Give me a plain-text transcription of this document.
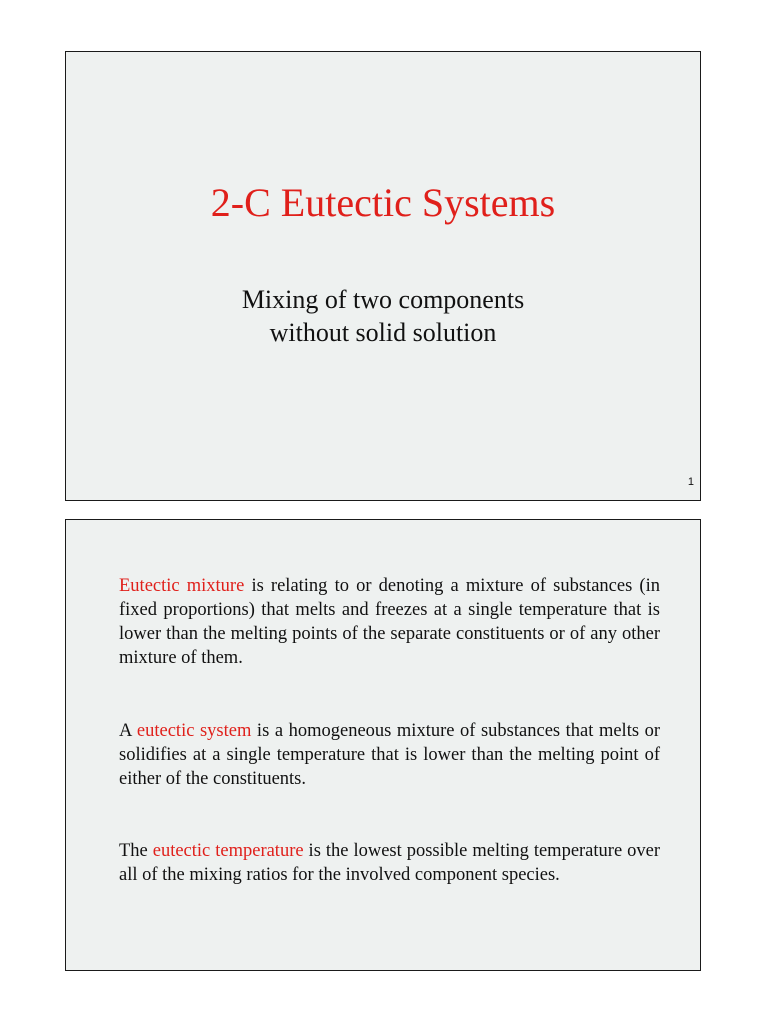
2-C Eutectic Systems
Mixing of two components
without solid solution
1
Eutectic mixture is relating to or denoting a mixture of substances (in fixed proportions) that melts and freezes at a single temperature that is lower than the melting points of the separate constituents or of any other mixture of them.
A eutectic system is a homogeneous mixture of substances that melts or solidifies at a single temperature that is lower than the melting point of either of the constituents.
The eutectic temperature is the lowest possible melting temperature over all of the mixing ratios for the involved component species.
